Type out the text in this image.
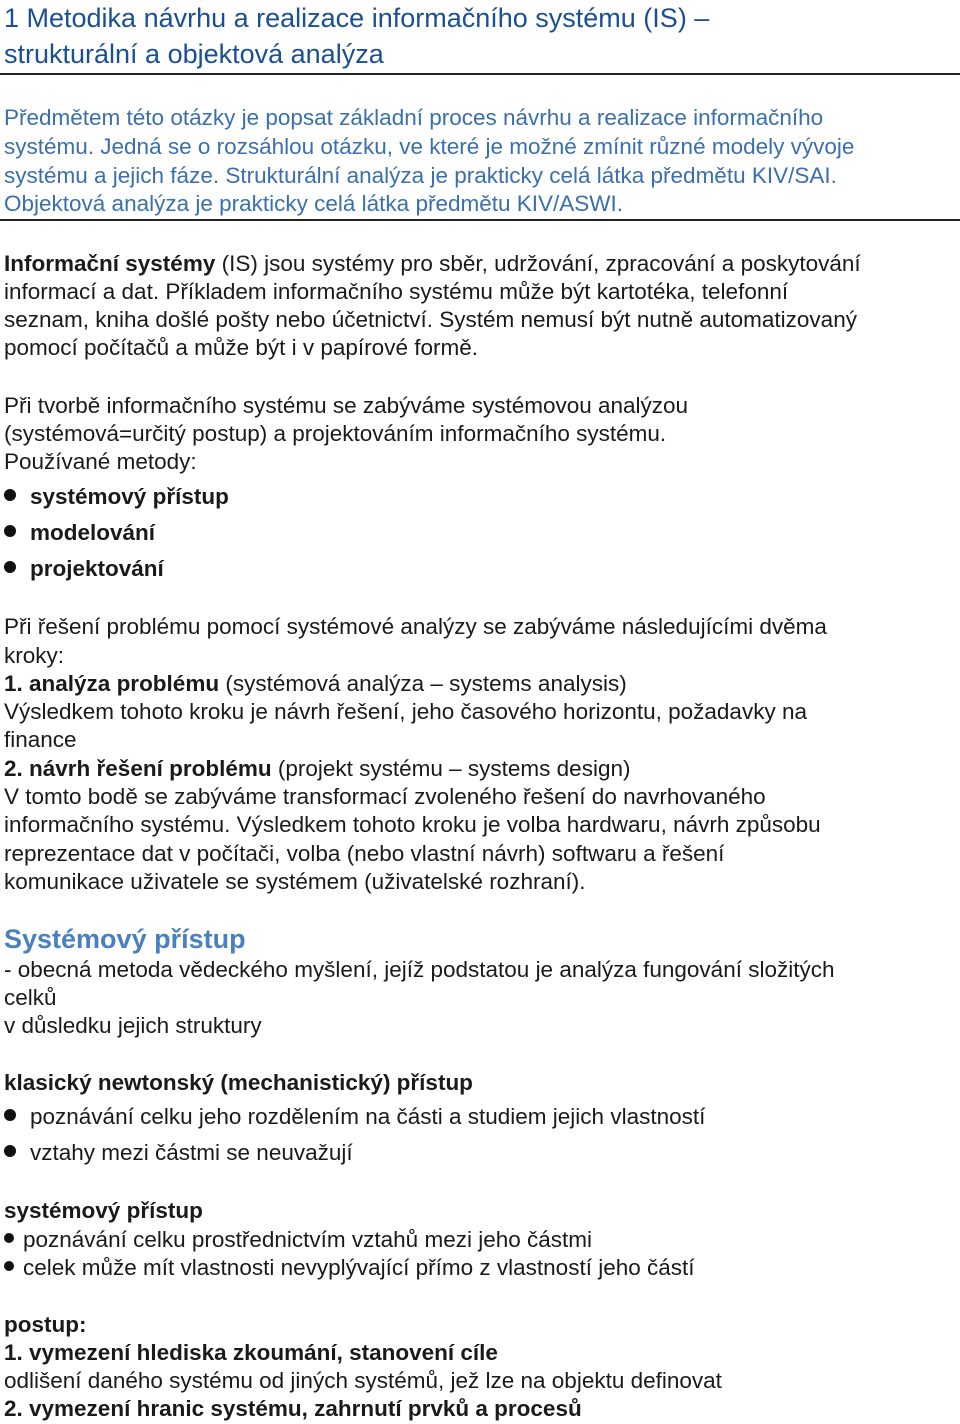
1 Metodika návrhu a realizace informačního systému (IS) –
strukturální a objektová analýza
Předmětem této otázky je popsat základní proces návrhu a realizace informačního
systému. Jedná se o rozsáhlou otázku, ve které je možné zmínit různé modely vývoje
systému a jejich fáze. Strukturální analýza je prakticky celá látka předmětu KIV/SAI.
Objektová analýza je prakticky celá látka předmětu KIV/ASWI.
Informační systémy (IS) jsou systémy pro sběr, udržování, zpracování a poskytování
informací a dat. Příkladem informačního systému může být kartotéka, telefonní
seznam, kniha došlé pošty nebo účetnictví. Systém nemusí být nutně automatizovaný
pomocí počítačů a může být i v papírové formě.
Při tvorbě informačního systému se zabýváme systémovou analýzou
(systémová=určitý postup) a projektováním informačního systému.
Používané metody:
systémový přístup
modelování
projektování
Při řešení problému pomocí systémové analýzy se zabýváme následujícími dvěma
kroky:
1. analýza problému (systémová analýza – systems analysis)
Výsledkem tohoto kroku je návrh řešení, jeho časového horizontu, požadavky na
finance
2. návrh řešení problému (projekt systému – systems design)
V tomto bodě se zabýváme transformací zvoleného řešení do navrhovaného
informačního systému. Výsledkem tohoto kroku je volba hardwaru, návrh způsobu
reprezentace dat v počítači, volba (nebo vlastní návrh) softwaru a řešení
komunikace uživatele se systémem (uživatelské rozhraní).
Systémový přístup
- obecná metoda vědeckého myšlení, jejíž podstatou je analýza fungování složitých
celků
v důsledku jejich struktury
klasický newtonský (mechanistický) přístup
poznávání celku jeho rozdělením na části a studiem jejich vlastností
vztahy mezi částmi se neuvažují
systémový přístup
poznávání celku prostřednictvím vztahů mezi jeho částmi
celek může mít vlastnosti nevyplývající přímo z vlastností jeho částí
postup:
1. vymezení hlediska zkoumání, stanovení cíle
odlišení daného systému od jiných systémů, jež lze na objektu definovat
2. vymezení hranic systému, zahrnutí prvků a procesů
